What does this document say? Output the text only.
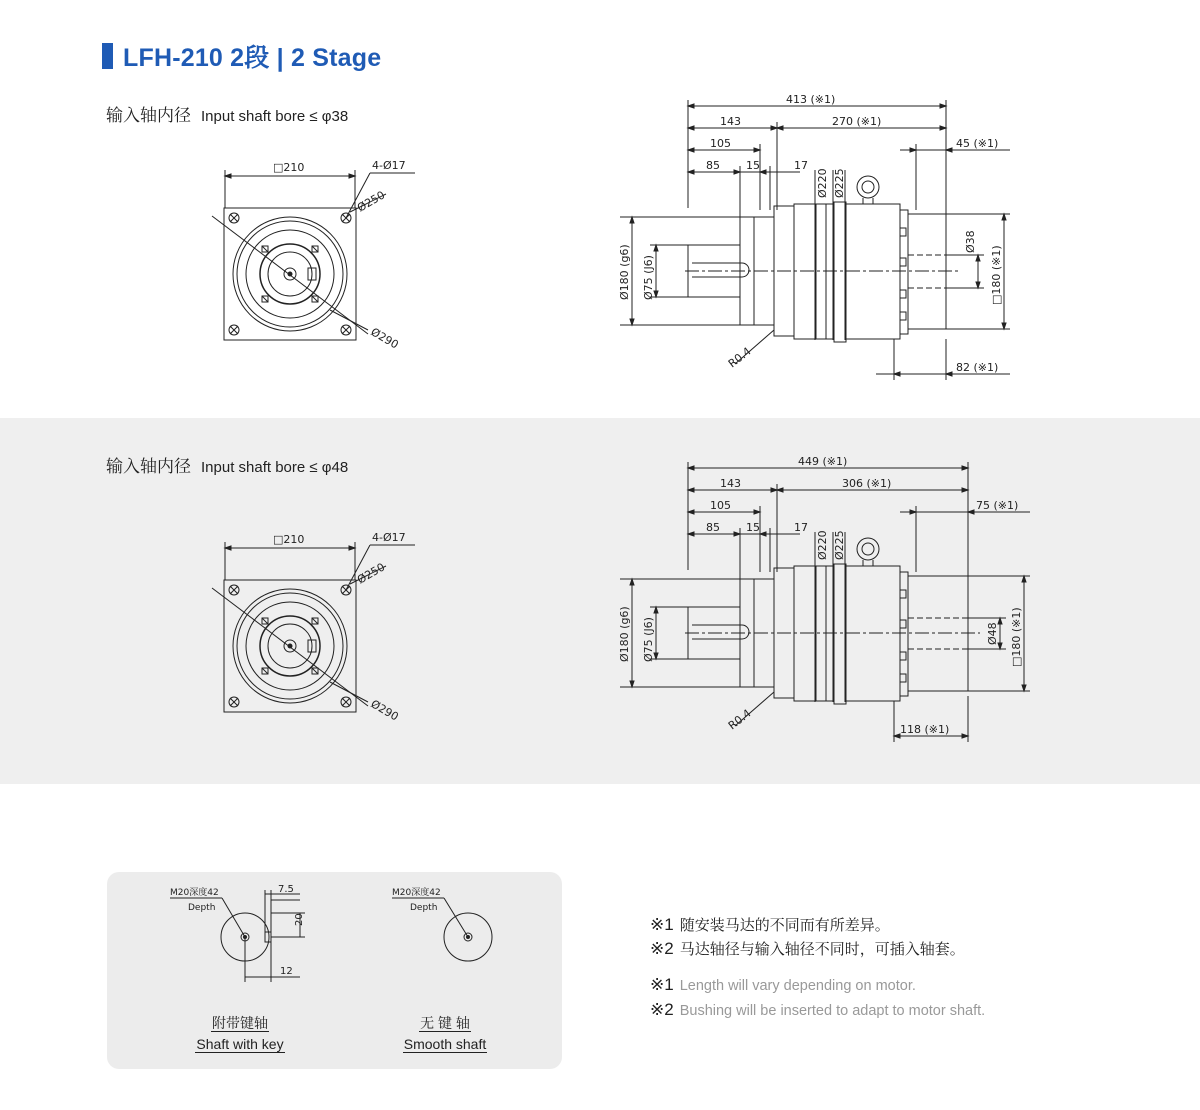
LFH-210 2段 | 2 Stage
输入轴内径 Input shaft bore ≤ φ38
输入轴内径 Input shaft bore ≤ φ48
□210	4-Ø17
Ø250
Ø290
413 (※1)
143	270 (※1)
45 (※1)
105
85 15	17
Ø220 Ø225
Ø180 (g6) Ø75 (J6)
Ø38
□180 (※1)
R0.4	82 (※1)
□210	4-Ø17
Ø250
Ø290
449 (※1)
143	306 (※1)
75 (※1)
105
85 15	17
Ø220 Ø225
Ø180 (g6) Ø75 (J6)	Ø48 □180 (※1)
R0.4	118 (※1)
M20深度42
Depth
7.5
20
12
M20深度42
Depth
附带键轴
Shaft with key
无 键 轴
Smooth shaft
※1 随安装马达的不同而有所差异。
※2 马达轴径与输入轴径不同时，可插入轴套。
※1 Length will vary depending on motor.
※2 Bushing will be inserted to adapt to motor shaft.
